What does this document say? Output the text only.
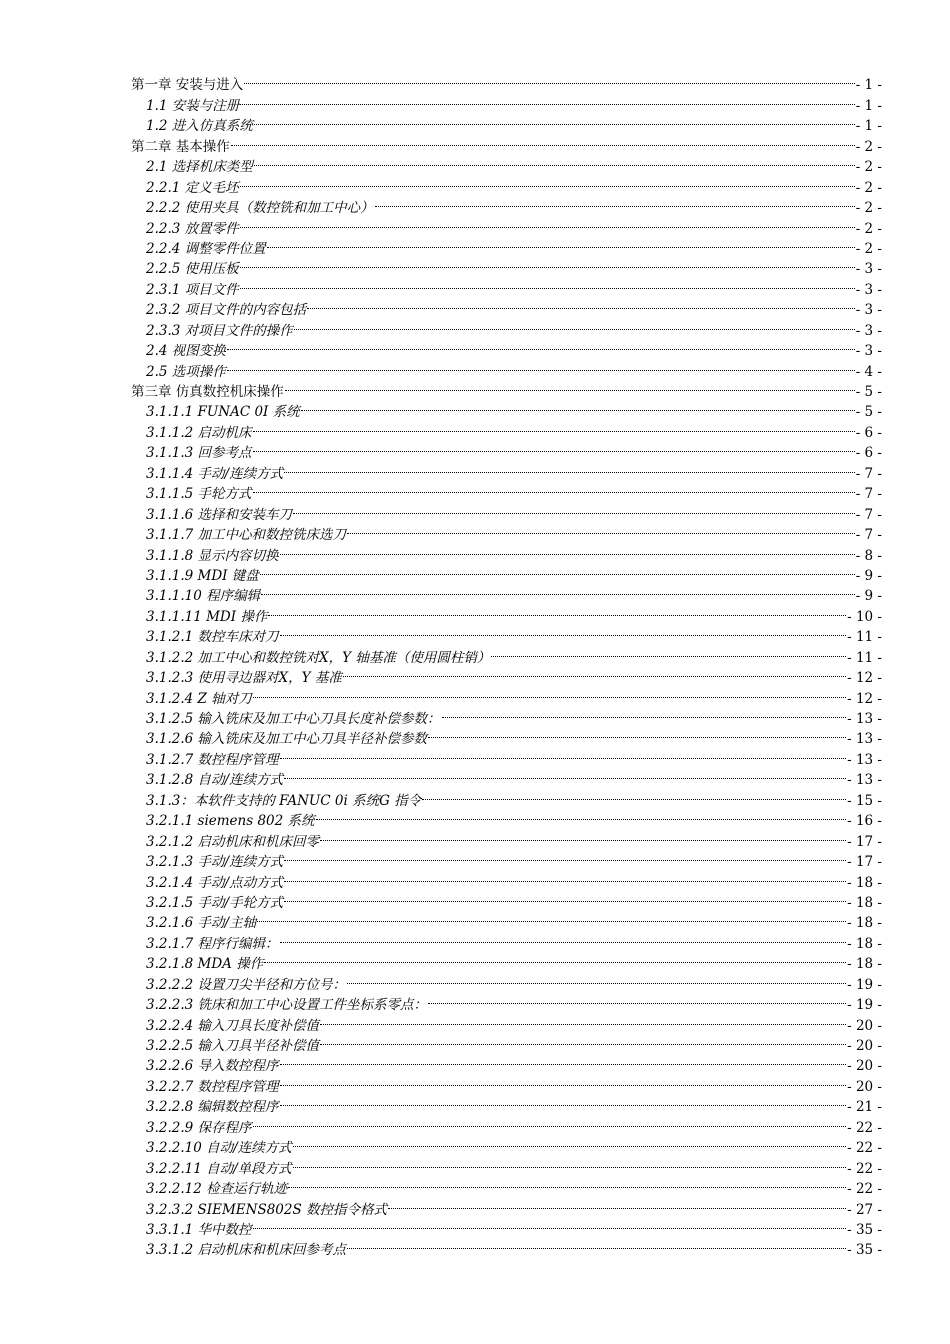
第一章 安装与进入	- 1 -
1.1 安装与注册	- 1 -
1.2 进入仿真系统	- 1 -
第二章 基本操作	- 2 -
2.1 选择机床类型	- 2 -
2.2.1 定义毛坯	- 2 -
2.2.2 使用夹具（数控铣和加工中心）	- 2 -
2.2.3 放置零件	- 2 -
2.2.4 调整零件位置	- 2 -
2.2.5 使用压板	- 3 -
2.3.1 项目文件	- 3 -
2.3.2 项目文件的内容包括	- 3 -
2.3.3 对项目文件的操作	- 3 -
2.4 视图变换	- 3 -
2.5 选项操作	- 4 -
第三章 仿真数控机床操作	- 5 -
3.1.1.1 FUNAC 0I 系统	- 5 -
3.1.1.2 启动机床	- 6 -
3.1.1.3 回参考点	- 6 -
3.1.1.4 手动/连续方式	- 7 -
3.1.1.5 手轮方式	- 7 -
3.1.1.6 选择和安装车刀	- 7 -
3.1.1.7 加工中心和数控铣床选刀	- 7 -
3.1.1.8 显示内容切换	- 8 -
3.1.1.9 MDI 键盘	- 9 -
3.1.1.10 程序编辑	- 9 -
3.1.1.11 MDI 操作	- 10 -
3.1.2.1 数控车床对刀	- 11 -
3.1.2.2 加工中心和数控铣对X，Y 轴基准（使用圆柱销）	- 11 -
3.1.2.3 使用寻边器对X，Y 基准	- 12 -
3.1.2.4 Z 轴对刀	- 12 -
3.1.2.5 输入铣床及加工中心刀具长度补偿参数：	- 13 -
3.1.2.6 输入铣床及加工中心刀具半径补偿参数	- 13 -
3.1.2.7 数控程序管理	- 13 -
3.1.2.8 自动/连续方式	- 13 -
3.1.3：本软件支持的 FANUC 0i 系统G 指令	- 15 -
3.2.1.1 siemens 802 系统	- 16 -
3.2.1.2 启动机床和机床回零	- 17 -
3.2.1.3 手动/连续方式	- 17 -
3.2.1.4 手动/点动方式	- 18 -
3.2.1.5 手动/手轮方式	- 18 -
3.2.1.6 手动/主轴	- 18 -
3.2.1.7 程序行编辑：	- 18 -
3.2.1.8 MDA 操作	- 18 -
3.2.2.2 设置刀尖半径和方位号：	- 19 -
3.2.2.3 铣床和加工中心设置工件坐标系零点：	- 19 -
3.2.2.4 输入刀具长度补偿值	- 20 -
3.2.2.5 输入刀具半径补偿值	- 20 -
3.2.2.6 导入数控程序	- 20 -
3.2.2.7 数控程序管理	- 20 -
3.2.2.8 编辑数控程序	- 21 -
3.2.2.9 保存程序	- 22 -
3.2.2.10 自动/连续方式	- 22 -
3.2.2.11 自动/单段方式	- 22 -
3.2.2.12 检查运行轨迹	- 22 -
3.2.3.2 SIEMENS802S 数控指令格式	- 27 -
3.3.1.1 华中数控	- 35 -
3.3.1.2 启动机床和机床回参考点	- 35 -
